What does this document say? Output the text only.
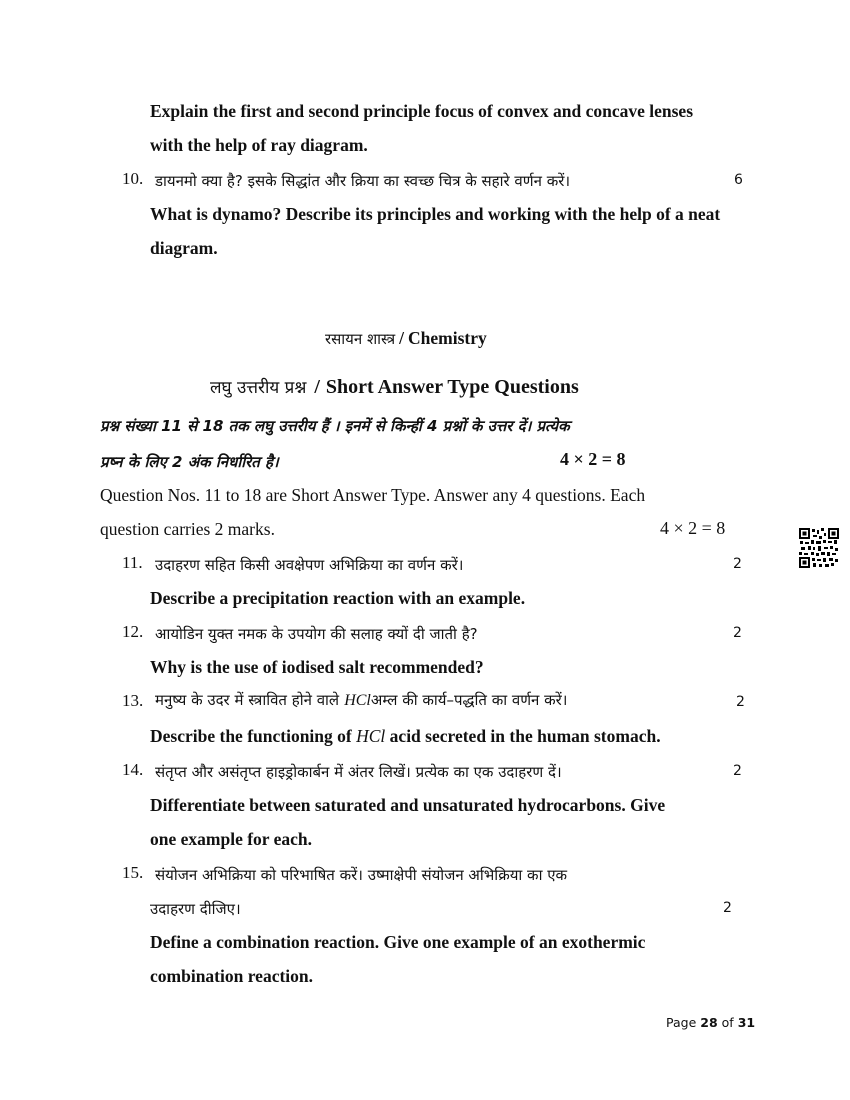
Explain the first and second principle focus of convex and concave lenses
with the help of ray diagram.
10. डायनमो क्या है? इसके सिद्धांत और क्रिया का स्वच्छ चित्र के सहारे वर्णन करें।	6
What is dynamo? Describe its principles and working with the help of a neat
diagram.
रसायन शास्त्र / Chemistry
लघु उत्तरीय प्रश्न / Short Answer Type Questions
प्रश्न संख्या 11 से 18 तक लघु उत्तरीय हैं । इनमें से किन्हीं 4 प्रश्नों के उत्तर दें। प्रत्येक
प्रष्न के लिए 2 अंक निर्धारित है।	4 × 2 = 8
Question Nos. 11 to 18 are Short Answer Type. Answer any 4 questions. Each
question carries 2 marks.	4 × 2 = 8
11. उदाहरण सहित किसी अवक्षेपण अभिक्रिया का वर्णन करें।	2
Describe a precipitation reaction with an example.
12. आयोडिन युक्त नमक के उपयोग की सलाह क्यों दी जाती है?	2
Why is the use of iodised salt recommended?
13. मनुष्य के उदर में स्त्रावित होने वाले HClअम्ल की कार्य–पद्धति का वर्णन करें।	2
Describe the functioning of HCl acid secreted in the human stomach.
14. संतृप्त और असंतृप्त हाइड्रोकार्बन में अंतर लिखें। प्रत्येक का एक उदाहरण दें।	2
Differentiate between saturated and unsaturated hydrocarbons. Give
one example for each.
15. संयोजन अभिक्रिया को परिभाषित करें। उष्माक्षेपी संयोजन अभिक्रिया का एक
उदाहरण दीजिए।	2
Define a combination reaction. Give one example of an exothermic
combination reaction.
Page 28 of 31
